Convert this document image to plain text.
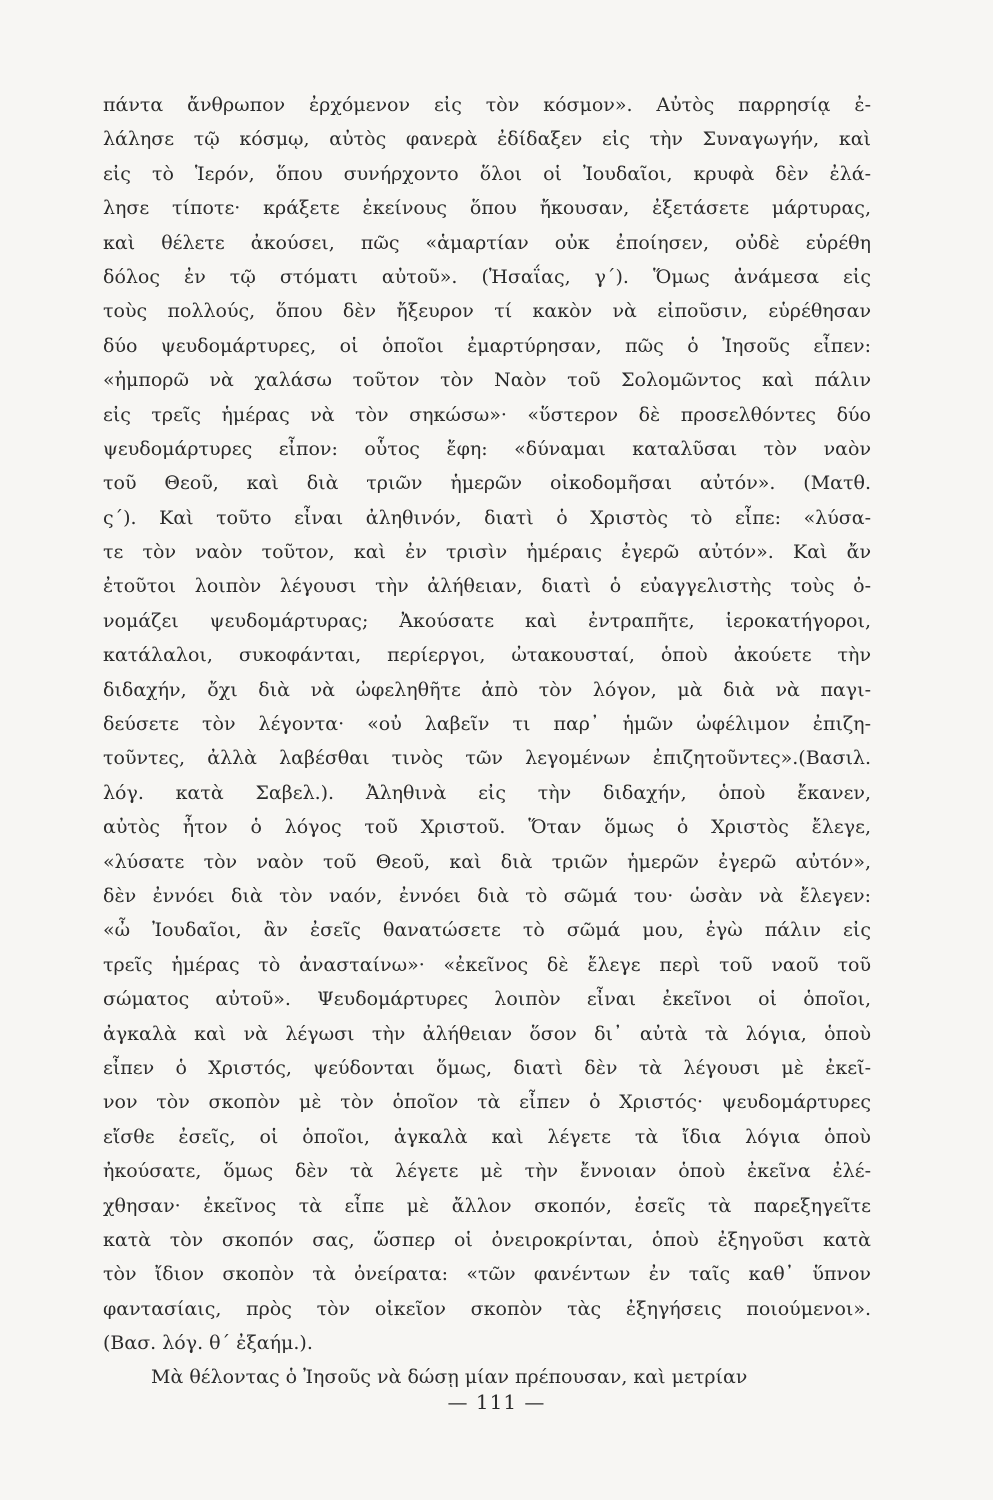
πάντα ἄνθρωπον ἐρχόμενον εἰς τὸν κόσμον». Αὐτὸς παρρησίᾳ ἐ-
λάλησε τῷ κόσμῳ, αὐτὸς φανερὰ ἐδίδαξεν εἰς τὴν Συναγωγήν, καὶ
εἰς τὸ Ἱερόν, ὅπου συνήρχοντο ὅλοι οἱ Ἰουδαῖοι, κρυφὰ δὲν ἐλά-
λησε τίποτε· κράξετε ἐκείνους ὅπου ἤκουσαν, ἐξετάσετε μάρτυρας,
καὶ θέλετε ἀκούσει, πῶς «ἁμαρτίαν οὐκ ἐποίησεν, οὐδὲ εὑρέθη
δόλος ἐν τῷ στόματι αὐτοῦ». (Ἠσαΐας, γ΄). Ὅμως ἀνάμεσα εἰς
τοὺς πολλούς, ὅπου δὲν ἤξευρον τί κακὸν νὰ εἰποῦσιν, εὑρέθησαν
δύο ψευδομάρτυρες, οἱ ὁποῖοι ἐμαρτύρησαν, πῶς ὁ Ἰησοῦς εἶπεν:
«ἠμπορῶ νὰ χαλάσω τοῦτον τὸν Ναὸν τοῦ Σολομῶντος καὶ πάλιν
εἰς τρεῖς ἡμέρας νὰ τὸν σηκώσω»· «ὕστερον δὲ προσελθόντες δύο
ψευδομάρτυρες εἶπον: οὗτος ἔφη: «δύναμαι καταλῦσαι τὸν ναὸν
τοῦ Θεοῦ, καὶ διὰ τριῶν ἡμερῶν οἰκοδομῆσαι αὐτόν». (Ματθ.
ς΄). Καὶ τοῦτο εἶναι ἀληθινόν, διατὶ ὁ Χριστὸς τὸ εἶπε: «λύσα-
τε τὸν ναὸν τοῦτον, καὶ ἐν τρισὶν ἡμέραις ἐγερῶ αὐτόν». Καὶ ἄν
ἐτοῦτοι λοιπὸν λέγουσι τὴν ἀλήθειαν, διατὶ ὁ εὐαγγελιστὴς τοὺς ὀ-
νομάζει ψευδομάρτυρας; Ἀκούσατε καὶ ἐντραπῆτε, ἱεροκατήγοροι,
κατάλαλοι, συκοφάνται, περίεργοι, ὠτακουσταί, ὁποὺ ἀκούετε τὴν
διδαχήν, ὄχι διὰ νὰ ὠφεληθῆτε ἀπὸ τὸν λόγον, μὰ διὰ νὰ παγι-
δεύσετε τὸν λέγοντα· «οὐ λαβεῖν τι παρ᾽ ἡμῶν ὠφέλιμον ἐπιζη-
τοῦντες, ἀλλὰ λαβέσθαι τινὸς τῶν λεγομένων ἐπιζητοῦντες».(Βασιλ.
λόγ. κατὰ Σαβελ.). Ἀληθινὰ εἰς τὴν διδαχήν, ὁποὺ ἔκανεν,
αὐτὸς ἦτον ὁ λόγος τοῦ Χριστοῦ. Ὅταν ὅμως ὁ Χριστὸς ἔλεγε,
«λύσατε τὸν ναὸν τοῦ Θεοῦ, καὶ διὰ τριῶν ἡμερῶν ἐγερῶ αὐτόν»,
δὲν ἐννόει διὰ τὸν ναόν, ἐννόει διὰ τὸ σῶμά του· ὡσὰν νὰ ἔλεγεν:
«ὦ Ἰουδαῖοι, ἂν ἐσεῖς θανατώσετε τὸ σῶμά μου, ἐγὼ πάλιν εἰς
τρεῖς ἡμέρας τὸ ἀνασταίνω»· «ἐκεῖνος δὲ ἔλεγε περὶ τοῦ ναοῦ τοῦ
σώματος αὐτοῦ». Ψευδομάρτυρες λοιπὸν εἶναι ἐκεῖνοι οἱ ὁποῖοι,
ἀγκαλὰ καὶ νὰ λέγωσι τὴν ἀλήθειαν ὅσον δι᾽ αὐτὰ τὰ λόγια, ὁποὺ
εἶπεν ὁ Χριστός, ψεύδονται ὅμως, διατὶ δὲν τὰ λέγουσι μὲ ἐκεῖ-
νον τὸν σκοπὸν μὲ τὸν ὁποῖον τὰ εἶπεν ὁ Χριστός· ψευδομάρτυρες
εἴσθε ἐσεῖς, οἱ ὁποῖοι, ἀγκαλὰ καὶ λέγετε τὰ ἴδια λόγια ὁποὺ
ἠκούσατε, ὅμως δὲν τὰ λέγετε μὲ τὴν ἔννοιαν ὁποὺ ἐκεῖνα ἐλέ-
χθησαν· ἐκεῖνος τὰ εἶπε μὲ ἄλλον σκοπόν, ἐσεῖς τὰ παρεξηγεῖτε
κατὰ τὸν σκοπόν σας, ὥσπερ οἱ ὀνειροκρίνται, ὁποὺ ἐξηγοῦσι κατὰ
τὸν ἴδιον σκοπὸν τὰ ὀνείρατα: «τῶν φανέντων ἐν ταῖς καθ᾽ ὕπνον
φαντασίαις, πρὸς τὸν οἰκεῖον σκοπὸν τὰς ἐξηγήσεις ποιούμενοι».
(Βασ. λόγ. θ΄ ἐξαήμ.).
Μὰ θέλοντας ὁ Ἰησοῦς νὰ δώσῃ μίαν πρέπουσαν, καὶ μετρίαν
— 111 —
